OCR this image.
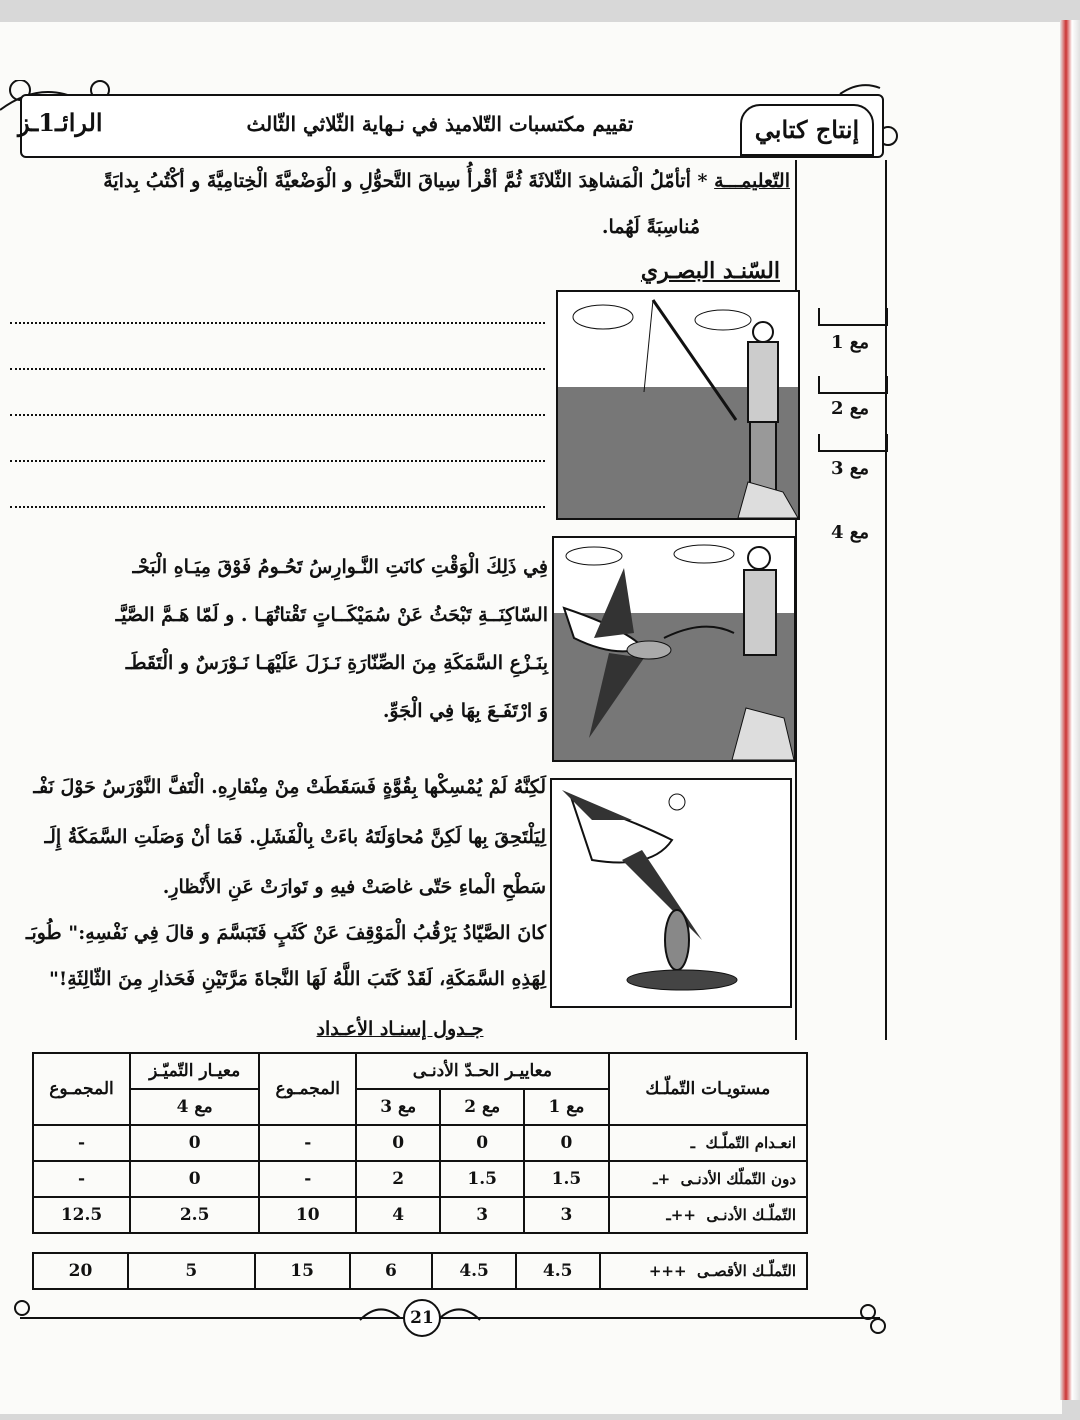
تقييم مكتسبات التّلاميذ في نـهاية الثّلاثي الثّالث
الرائـ1ـز	إنتاج كتابي
مع 1
مع 2
مع 3
مع 4
التّعليمـــة * أتأمّلُ الْمَشاهِدَ الثّلاثَةَ ثُمَّ أقْرأُ سِياقَ التَّحوُّلِ و الْوَضْعيَّةَ الْخِتامِيَّةَ و أكْتُبُ بِدايَةً
مُناسِبَةً لَهُما.
السّنـد البصـري
فِي ذَلِكَ الْوَقْتِ كانَتِ النَّـوارِسُ تَحُـومُ فَوْقَ مِيَـاهِ الْبَحْـ
السّاكِنَــةِ تَبْحَثُ عَنْ سُمَيْكَــاتٍ تَقْتاتُهَـا . و لَمّا هَـمَّ الصَّيَّـ
بِنَـزْعِ السَّمَكَةِ مِنَ الصِّنّارَةِ نَـزَلَ عَلَيْهَـا نَـوْرَسٌ و الْتَقَطَـ
وَ ارْتَفَـعَ بِهَا فِي الْجَوِّ.
لَكِنَّهُ لَمْ يُمْسِكْها بِقُوَّةٍ فَسَقَطَتْ مِنْ مِنْقارِهِ. الْتَفَّ النَّوْرَسُ حَوْلَ نَفْـ
لِيَلْتَحِقَ بِها لَكِنَّ مُحاوَلَتَهُ باءَتْ بِالْفَشَلِ. فَمَا أنْ وَصَلَتِ السَّمَكَةُ إِلَـ
سَطْحِ الْماءِ حَتّى غاصَتْ فيهِ و تَوارَتْ عَنِ الأَنْظارِ.
كانَ الصَّيّادُ يَرْقُبُ الْمَوْقِفَ عَنْ كَثَبٍ فَتَبَسَّمَ و قالَ فِي نَفْسِهِ:" طُوبَـ
لِهَذِهِ السَّمَكَةِ، لَقَدْ كَتَبَ اللَّهُ لَهَا النَّجاةَ مَرَّتَيْنِ فَحَذارِ مِنَ الثّالِثَةِ!"
جـدول إسنـاد الأعـداد
مستويـات التّملّـك	معاييـر الحـدّ الأدنـى			المجمـوع	معيـار التّميّـز	المجمـوع
	مع 1	مع 2	مع 3		مع 4	
انعـدام التّملّـك  ـ	0	0	0	-	0	-
دون التّملّك الأدنـى  +ـ	1.5	1.5	2	-	0	-
التّملّـك الأدنـى  ++ـ	3	3	4	10	2.5	12.5
التّملّـك الأقصـى  +++	4.5	4.5	6	15	5	20
21
